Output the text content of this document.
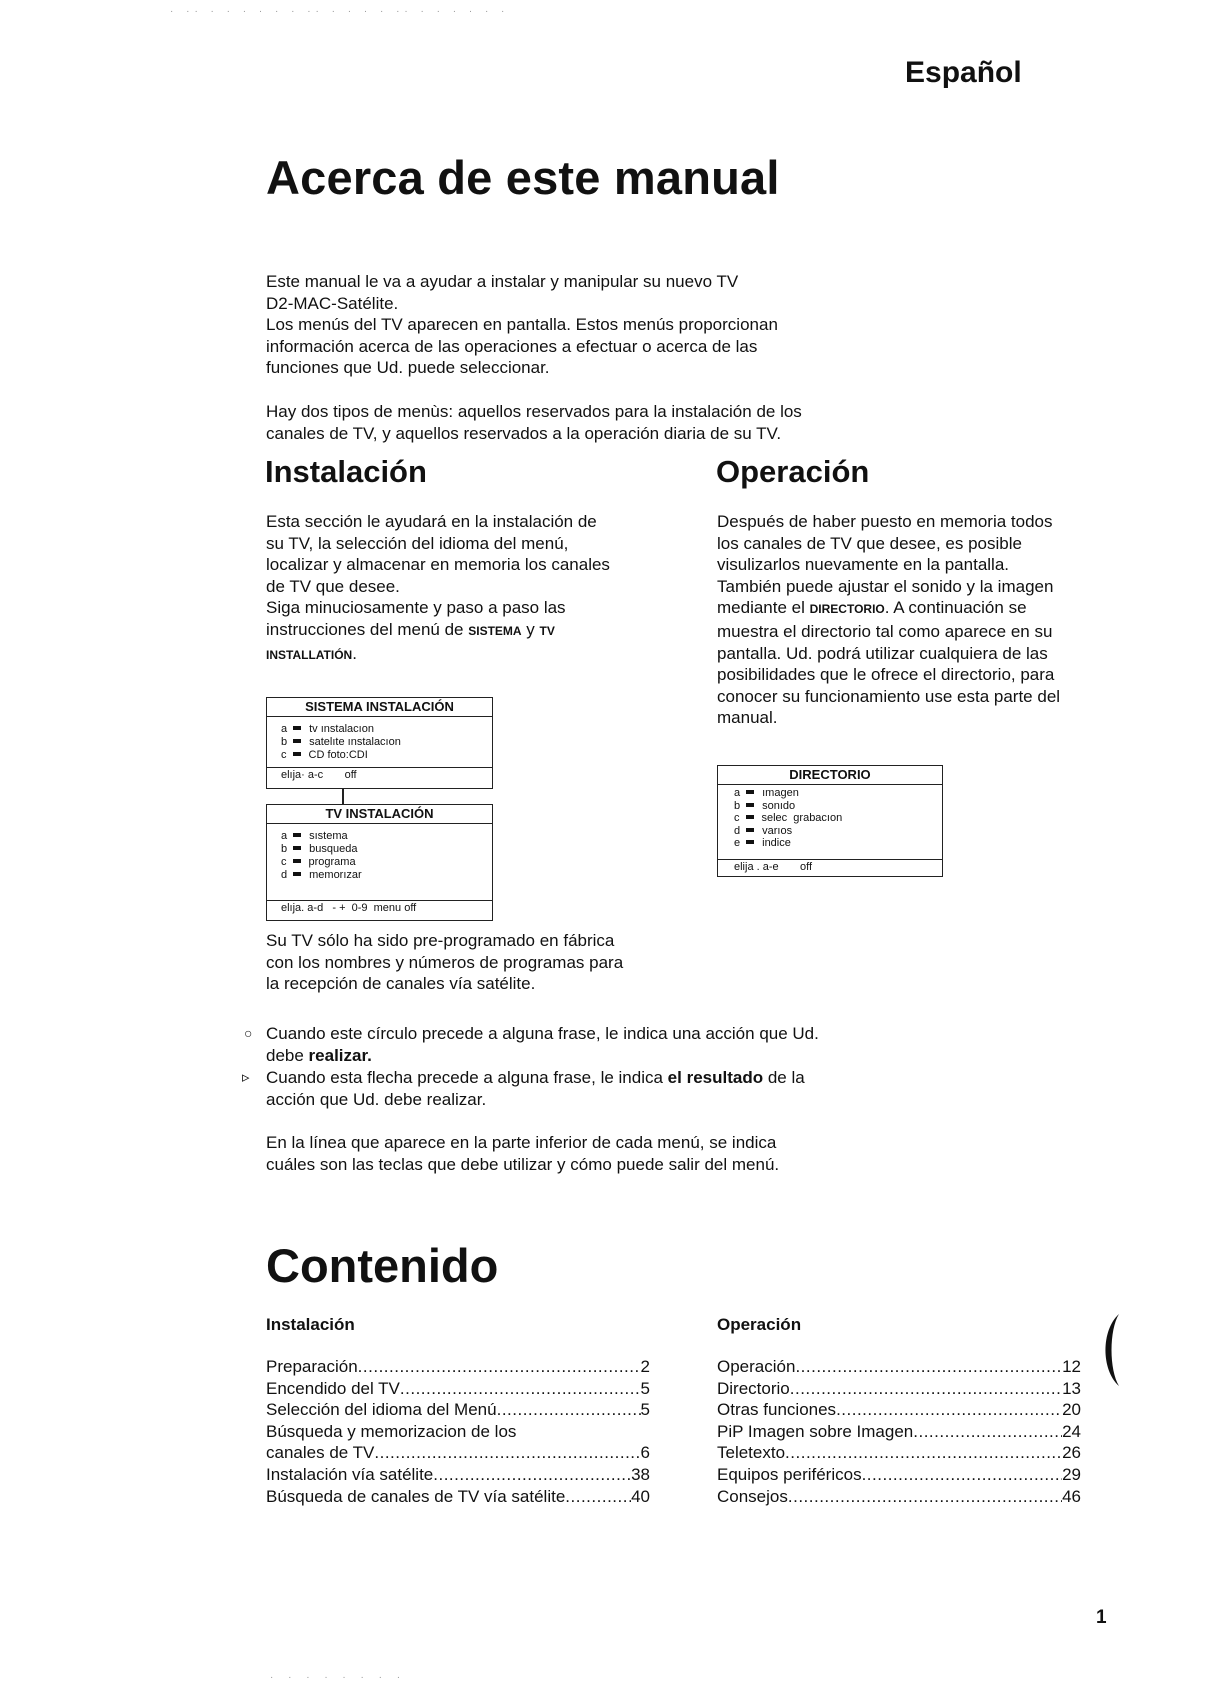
· ·· · · · · · · ·· · · · · ·· · · · · · ·
Español
Acerca de este manual
Este manual le va a ayudar a instalar y manipular su nuevo TV
D2-MAC-Satélite.
Los menús del TV aparecen en pantalla. Estos menús proporcionan
información acerca de las operaciones a efectuar o acerca de las
funciones que Ud. puede seleccionar.
Hay dos tipos de menùs: aquellos reservados para la instalación de los
canales de TV, y aquellos reservados a la operación diaria de su TV.
Instalación
Esta sección le ayudará en la instalación de
su TV, la selección del idioma del menú,
localizar y almacenar en memoria los canales
de TV que desee.
Siga minuciosamente y paso a paso las
instrucciones del menú de SISTEMA y TV
INSTALLATIÓN.
SISTEMA INSTALACIÓN
a tv ınstalacıon
b satelıte ınstalacıon
c CD foto:CDI
elıja· a-c       off
TV INSTALACIÓN
a sıstema
b busqueda
c programa
d memorızar
elıja. a-d   - +  0-9  menu off
Su TV sólo ha sido pre-programado en fábrica
con los nombres y números de programas para
la recepción de canales vía satélite.
Operación
Después de haber puesto en memoria todos
los canales de TV que desee, es posible
visulizarlos nuevamente en la pantalla.
También puede ajustar el sonido y la imagen
mediante el DIRECTORIO. A continuación se
muestra el directorio tal como aparece en su
pantalla. Ud. podrá utilizar cualquiera de las
posibilidades que le ofrece el directorio, para
conocer su funcionamiento use esta parte del
manual.
DIRECTORIO
a ımagen
b sonıdo
c selec  grabacıon
d varıos
e indice
elija . a-e       off
○ Cuando este círculo precede a alguna frase, le indica una acción que Ud.
debe realizar.
▹ Cuando esta flecha precede a alguna frase, le indica el resultado de la
acción que Ud. debe realizar.
En la línea que aparece en la parte inferior de cada menú, se indica
cuáles son las teclas que debe utilizar y cómo puede salir del menú.
Contenido
Instalación
Preparación .....	2
Encendido del TV .....	5
Selección del idioma del Menú .....	5
Búsqueda y memorizacion de los
canales de TV .....	6
Instalación vía satélite .....	38
Búsqueda de canales de TV vía satélite .....	40
Operación
Operación .....	12
Directorio .....	13
Otras funciones .....	20
PiP Imagen sobre Imagen .....	24
Teletexto .....	26
Equipos periféricos .....	29
Consejos .....	46
1
· · · · · · · ·
